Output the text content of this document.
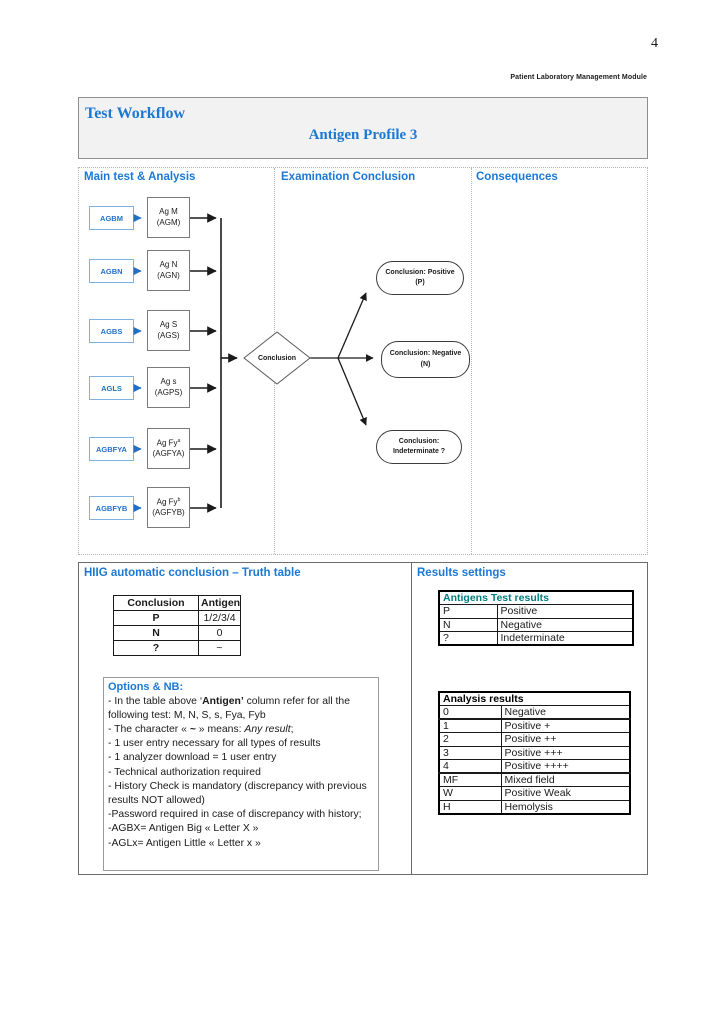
4
Patient Laboratory Management Module
Test Workflow
Antigen Profile 3
Main test & Analysis	Examination Conclusion	Consequences
AGBM
Ag M
(AGM)
AGBN
Ag N
(AGN)
AGBS
Ag S
(AGS)
AGLS
Ag s
(AGPS)
AGBFYA
Ag Fy$^a$
(AGFYA)
AGBFYB
Ag Fy$^b$
(AGFYB)
Conclusion
Conclusion: Positive
(P)
Conclusion: Negative
(N)
Conclusion:
Indeterminate ?
HIIG automatic conclusion – Truth table
Conclusion	Antigen
P	1/2/3/4
N	0
?	~
Options & NB:
- In the table above ‘Antigen’ column refer for all the following test: M, N, S, s, Fya, Fyb
- The character « ~ » means: Any result;
- 1 user entry necessary for all types of results
- 1 analyzer download = 1 user entry
- Technical authorization required
- History Check is mandatory (discrepancy with previous results NOT allowed)
-Password required in case of discrepancy with history;
-AGBX= Antigen Big « Letter X »
-AGLx= Antigen Little « Letter x »
Results settings
Antigens Test results	
P	Positive
N	Negative
?	Indeterminate
Analysis results	
0	Negative
1	Positive +
2	Positive ++
3	Positive +++
4	Positive ++++
MF	Mixed field
W	Positive Weak
H	Hemolysis
